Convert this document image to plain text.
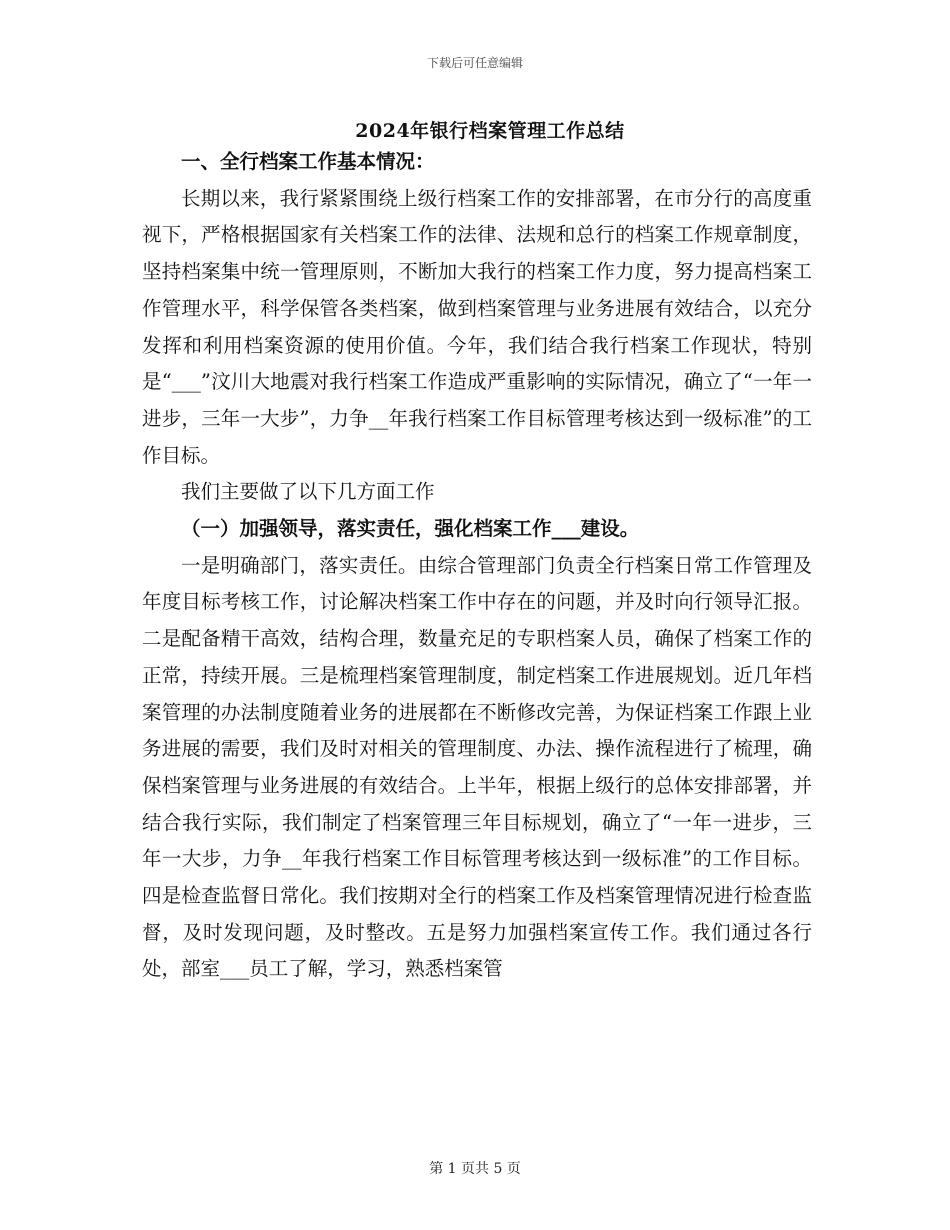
下载后可任意编辑
2024年银行档案管理工作总结

一、全行档案工作基本情况：

长期以来，我行紧紧围绕上级行档案工作的安排部署，在市分行的高度重视下，严格根据国家有关档案工作的法律、法规和总行的档案工作规章制度，坚持档案集中统一管理原则，不断加大我行的档案工作力度，努力提高档案工作管理水平，科学保管各类档案，做到档案管理与业务进展有效结合，以充分发挥和利用档案资源的使用价值。今年，我们结合我行档案工作现状，特别是“___”汶川大地震对我行档案工作造成严重影响的实际情况，确立了“一年一进步，三年一大步”，力争__年我行档案工作目标管理考核达到一级标准”的工作目标。

我们主要做了以下几方面工作

（一）加强领导，落实责任，强化档案工作___建设。

一是明确部门，落实责任。由综合管理部门负责全行档案日常工作管理及年度目标考核工作，讨论解决档案工作中存在的问题，并及时向行领导汇报。二是配备精干高效，结构合理，数量充足的专职档案人员，确保了档案工作的正常，持续开展。三是梳理档案管理制度，制定档案工作进展规划。近几年档案管理的办法制度随着业务的进展都在不断修改完善，为保证档案工作跟上业务进展的需要，我们及时对相关的管理制度、办法、操作流程进行了梳理，确保档案管理与业务进展的有效结合。上半年，根据上级行的总体安排部署，并结合我行实际，我们制定了档案管理三年目标规划，确立了“一年一进步，三年一大步，力争__年我行档案工作目标管理考核达到一级标准”的工作目标。四是检查监督日常化。我们按期对全行的档案工作及档案管理情况进行检查监督，及时发现问题，及时整改。五是努力加强档案宣传工作。我们通过各行处，部室___员工了解，学习，熟悉档案管

第 1 页共 5 页
